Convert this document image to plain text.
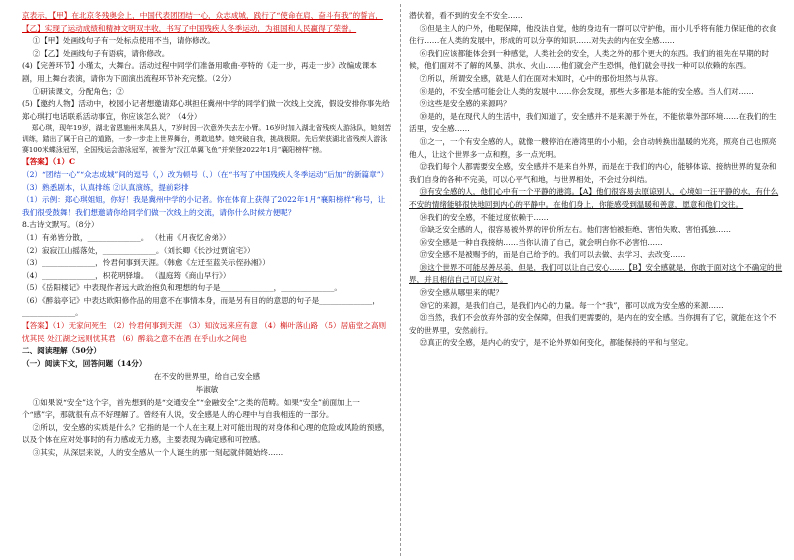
京表示，【甲】在北京冬残奥会上，中国代表团团结一心，众志成城，践行了“使命在肩、奋斗有我”的誓言，【乙】实现了运动成绩和精神文明双丰收，书写了中国残疾人冬季运动，为祖国和人民赢得了荣誉。

①【甲】处画线句子有一处标点使用不当，请你修改。

②【乙】处画线句子有语病，请你修改。

(4)【完善环节】小瑾太，大舞台。活动过程中同学们准备用歌曲·亭特的《走一步，再走一步》改编成课本剧，用上舞台表演，请你为下面演出流程环节补充完整。（2分）

①研读课文，分配角色；②

(5)【邀约人物】活动中，校园小记者想邀请郑心琪担任冀州中学的同学们做一次线上交流，假设安排你事先给郑心琪打电话联系活动事宜，你应该怎么说？（4分）

郑心琪，现年19岁，湖北省恩施州来凤县人，7岁时因一次意外失去左小臂。16岁时加入湖北省残疾人游泳队，她刻苦训练，踏出了属于自己的道路，一步一步走上世界舞台，勇敢追梦。她突破自我，挑战极限。先后荣获湖北省残疾人游泳赛100米蝶泳冠军，全国残运会游泳冠军，被誉为“汉江单翼飞鱼”并荣登2022年1月“襄阳榜样”榜。

【答案】（1）C

（2）“团结一心”“众志成城”间的逗号（，）改为顿号（、）（在“书写了中国残疾人冬季运动”后加“的新篇章”）

（3）熟悉剧本，认真排练 ②认真演练，提前彩排

（1）示例：郑心琪姐姐，你好！我是冀州中学的小记者。你在体育上获得了2022年1月“襄阳榜样”称号，让我们很受鼓舞！我们想邀请你给同学们做一次线上的交流，请你什么时候方便呢？

8.古诗文默写。（8分）

（1）有弟皆分散，______________。 （杜甫《月夜忆舍弟》）

（2）寂寂江山摇落处，______________。（刘长卿《长沙过贾谊宅》）

（3）______________，怜君何事到天涯。（韩愈《左迁至蓝关示侄孙湘》）

（4）______________，枳花明驿墙。 （温庭筠《商山早行》）

（5）《岳阳楼记》中表现作者远大政治抱负和理想的句子是______________，______________。

（6）《醉翁亭记》中表达欧阳修作品的用意不在事情本身，而是另有目的的意思的句子是______________，______________。

【答案】（1）无家问死生 （2）怜君何事到天涯 （3）知汝远来应有意 （4）槲叶落山路 （5）居庙堂之高则忧其民 处江湖之远则忧其君 （6）醉翁之意不在酒 在乎山水之间也

二、阅读理解（50分）

（一）阅读下文，回答问题（14分）

在不安的世界里，给自己安全感

毕淑敏

①如果说“安全”这个字，首先想到的是“交通安全”“金融安全”之类的范畴。如果“安全”前面加上一个“感”字，那就很有点不好理解了。曾经有人说，安全感是人的心理中与自我相连的一部分。

②所以，安全感的实质是什么？它指的是一个人在主观上对可能出现的对身体和心理的危险或风险的预感，以及个体在应对处事时的有力感或无力感，主要表现为确定感和可控感。

③其实，从深层来说，人的安全感从一个人诞生的那一刻起就伴随始终……

潜伏着，看不到的安全不安全……

⑤但是主人的户外，他呢保障，他没法自觉，他的身边有一群可以守护他，而小儿乎将有能力保证他的衣食住行……在人类的发展中，形成的可以分享的知识……对失去的内在安全感……

⑥我们应该都能体会到一种感觉，人类社会的安全，人类之外的那个更大的东西。我们的祖先在早期的时候，他们面对不了解的风暴、洪水、火山……他们就会产生恐惧，他们就会寻找一种可以依赖的东西。

⑦所以，所谓安全感，就是人们在面对未知时，心中的那份坦然与从容。

⑧是的，不安全感可能会让人类的发展中……你会发现，那些大多都是本能的安全感。当人们对……

⑨这些是安全感的来源吗？

⑩是的，是在现代人的生活中，我们知道了，安全感并不是来源于外在，不能依靠外部环境……在我们的生活里，安全感……

⑪之一，一个有安全感的人，就像一艘停泊在港湾里的小小船，会自动转换出温暖的光亮，照亮自己也照亮他人，让这个世界多一点和煦，多一点光明。

⑫我们每个人都需要安全感，安全感并不是来自外界，而是在于我们的内心，能够体谅、接纳世界的复杂和我们自身的各种不完美，可以心平气和地，与世界相处，不会过分纠结。

⑬有安全感的人，他们心中有一个平静的港湾。【A】他们很容易去原谅别人，心境如一汪平静的水，有什么不安的情绪能够很快地回到内心的平静中。在他们身上，你能感受到温暖和善意，愿意和他们交往。

⑭我们的安全感，不能过度依赖于……

⑮缺乏安全感的人，很容易被外界的评价所左右。他们害怕被拒绝、害怕失败、害怕孤独……

⑯安全感是一种自我接纳……当你认清了自己，就会明白你不必害怕……

⑰安全感不是被赐予的，而是自己给予的。我们可以去做、去学习、去改变……

⑱这个世界不可能尽善尽美，但是，我们可以让自己安心……【B】安全感就是，你敢于面对这个不确定的世界，并且相信自己可以应对。

⑲安全感从哪里来的呢？

⑳它的来源，是我们自己，是我们内心的力量。每一个“我”，都可以成为安全感的来源……

㉑当然，我们不会放弃外部的安全保障，但我们更需要的，是内在的安全感。当你拥有了它，就能在这个不安的世界里，安然前行。

㉒真正的安全感，是内心的安宁，是不论外界如何变化，都能保持的平和与坚定。
